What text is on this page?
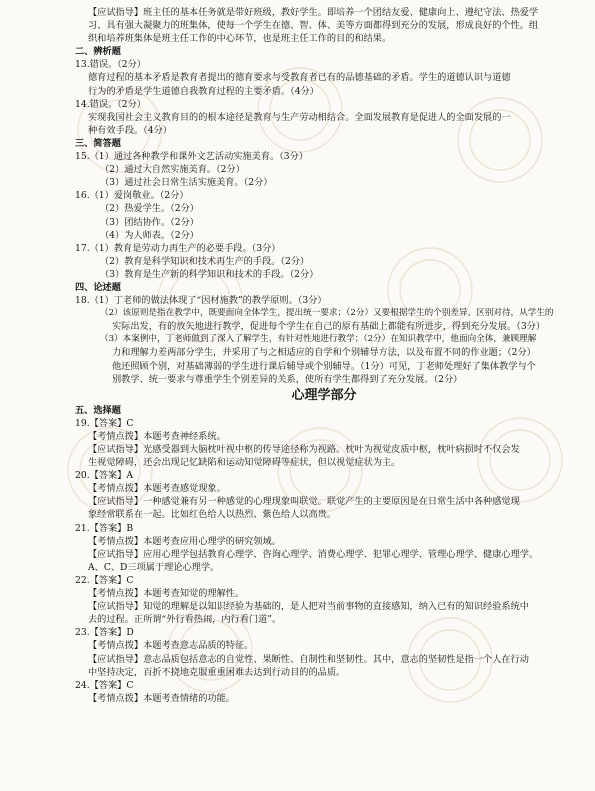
【应试指导】班主任的基本任务就是带好班级，教好学生。即培养一个团结友爱、健康向上、遵纪守法、热爱学
习、具有强大凝聚力的班集体，使每一个学生在德、智、体、美等方面都得到充分的发展，形成良好的个性。组
织和培养班集体是班主任工作的中心环节，也是班主任工作的目的和结果。
二、辨析题
13.错误。（2分）
德育过程的基本矛盾是教育者提出的德育要求与受教育者已有的品德基础的矛盾。学生的道德认识与道德
行为的矛盾是学生道德自我教育过程的主要矛盾。（4分）
14.错误。（2分）
实现我国社会主义教育目的的根本途径是教育与生产劳动相结合。全面发展教育是促进人的全面发展的一
种有效手段。（4分）
三、简答题
15.（1）通过各种教学和课外文艺活动实施美育。（3分）
（2）通过大自然实施美育。（2分）
（3）通过社会日常生活实施美育。（2分）
16.（1）爱岗敬业。（2分）
（2）热爱学生。（2分）
（3）团结协作。（2分）
（4）为人师表。（2分）
17.（1）教育是劳动力再生产的必要手段。（3分）
（2）教育是科学知识和技术再生产的手段。（2分）
（3）教育是生产新的科学知识和技术的手段。（2分）
四、论述题
18.（1）丁老师的做法体现了“因材施教”的教学原则。（3分）
（2）该原则是指在教学中，既要面向全体学生，提出统一要求；（2分）又要根据学生的个别差异，区别对待，从学生的
实际出发，有的放矢地进行教学，促进每个学生在自己的原有基础上都能有所进步，得到充分发展。（3分）
（3）本案例中，丁老师做到了深入了解学生，有针对性地进行教学；（2分）在知识教学中，他面向全体，兼顾理解
力和理解力差两部分学生，并采用了与之相适应的自学和个别辅导方法，以及布置不同的作业题；（2分）
他还照顾个别，对基础薄弱的学生进行课后辅导或个别辅导。（1分）可见，丁老师处理好了集体教学与个
别教学、统一要求与尊重学生个别差异的关系，使所有学生都得到了充分发展。（2分）
心理学部分
五、选择题
19.【答案】C
【考情点拨】本题考查神经系统。
【应试指导】光感受器到大脑枕叶视中枢的传导途径称为视路。枕叶为视觉皮质中枢，枕叶病损时不仅会发
生视觉障碍，还会出现记忆缺陷和运动知觉障碍等症状，但以视觉症状为主。
20.【答案】A
【考情点拨】本题考查感觉现象。
【应试指导】一种感觉兼有另一种感觉的心理现象叫联觉。联觉产生的主要原因是在日常生活中各种感觉现
象经常联系在一起。比如红色给人以热烈、紫色给人以高贵。
21.【答案】B
【考情点拨】本题考查应用心理学的研究领域。
【应试指导】应用心理学包括教育心理学、咨询心理学、消费心理学、犯罪心理学、管理心理学、健康心理学。
A、C、D三项属于理论心理学。
22.【答案】C
【考情点拨】本题考查知觉的理解性。
【应试指导】知觉的理解是以知识经验为基础的，是人把对当前事物的直接感知，纳入已有的知识经验系统中
去的过程。正所谓“外行看热闹，内行看门道”。
23.【答案】D
【考情点拨】本题考查意志品质的特征。
【应试指导】意志品质包括意志的自觉性、果断性、自制性和坚韧性。其中，意志的坚韧性是指一个人在行动
中坚持决定，百折不挠地克服重重困难去达到行动目的的品质。
24.【答案】C
【考情点拨】本题考查情绪的功能。
